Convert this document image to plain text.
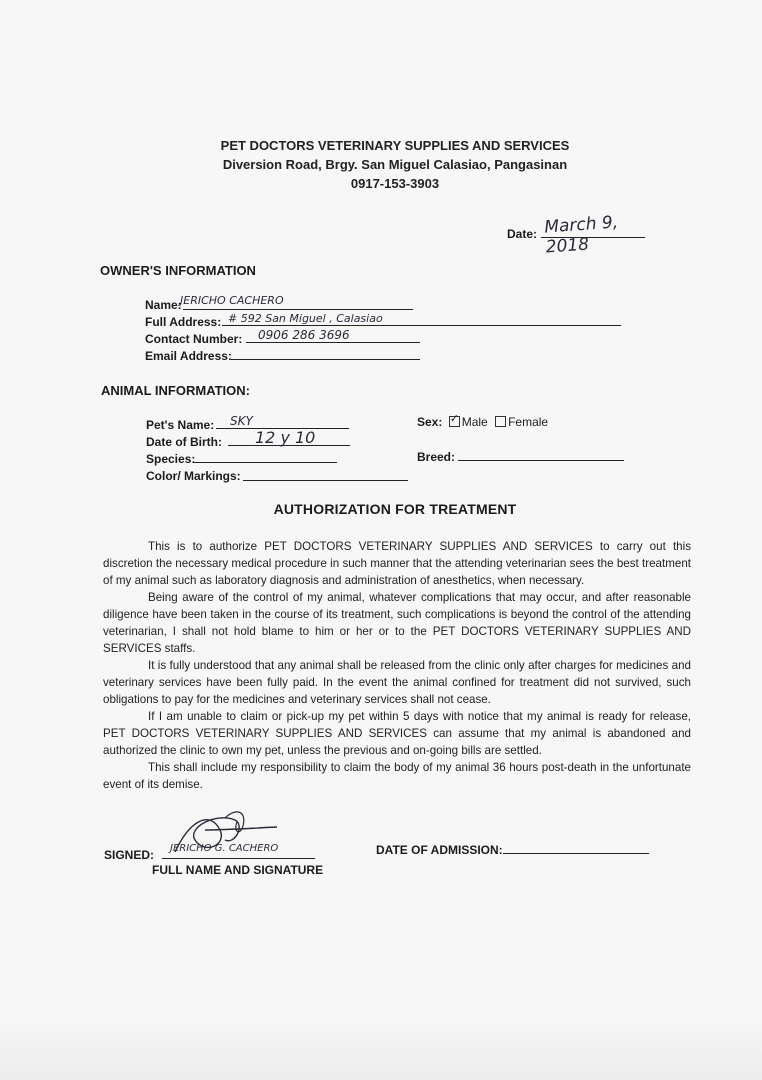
PET DOCTORS VETERINARY SUPPLIES AND SERVICES
Diversion Road, Brgy. San Miguel Calasiao, Pangasinan
0917-153-3903
Date: March 9, 2018
OWNER'S INFORMATION
Name:
JERICHO CACHERO
Full Address: # 592 San Miguel , Calasiao
Contact Number: 0906 286 3696
Email Address:
ANIMAL INFORMATION:
Pet's Name: SKY
Date of Birth: 12 y 10
Species:
Color/ Markings:
Sex: ✓ Male Female
Breed:
AUTHORIZATION FOR TREATMENT

This is to authorize PET DOCTORS VETERINARY SUPPLIES AND SERVICES to carry out this discretion the necessary medical procedure in such manner that the attending veterinarian sees the best treatment of my animal such as laboratory diagnosis and administration of anesthetics, when necessary.

Being aware of the control of my animal, whatever complications that may occur, and after reasonable diligence have been taken in the course of its treatment, such complications is beyond the control of the attending veterinarian, I shall not hold blame to him or her or to the PET DOCTORS VETERINARY SUPPLIES AND SERVICES staffs.

It is fully understood that any animal shall be released from the clinic only after charges for medicines and veterinary services have been fully paid. In the event the animal confined for treatment did not survived, such obligations to pay for the medicines and veterinary services shall not cease.

If I am unable to claim or pick-up my pet within 5 days with notice that my animal is ready for release, PET DOCTORS VETERINARY SUPPLIES AND SERVICES can assume that my animal is abandoned and authorized the clinic to own my pet, unless the previous and on-going bills are settled.

This shall include my responsibility to claim the body of my animal 36 hours post-death in the unfortunate event of its demise.

SIGNED: JERICHO G. CACHERO
FULL NAME AND SIGNATURE
DATE OF ADMISSION:
